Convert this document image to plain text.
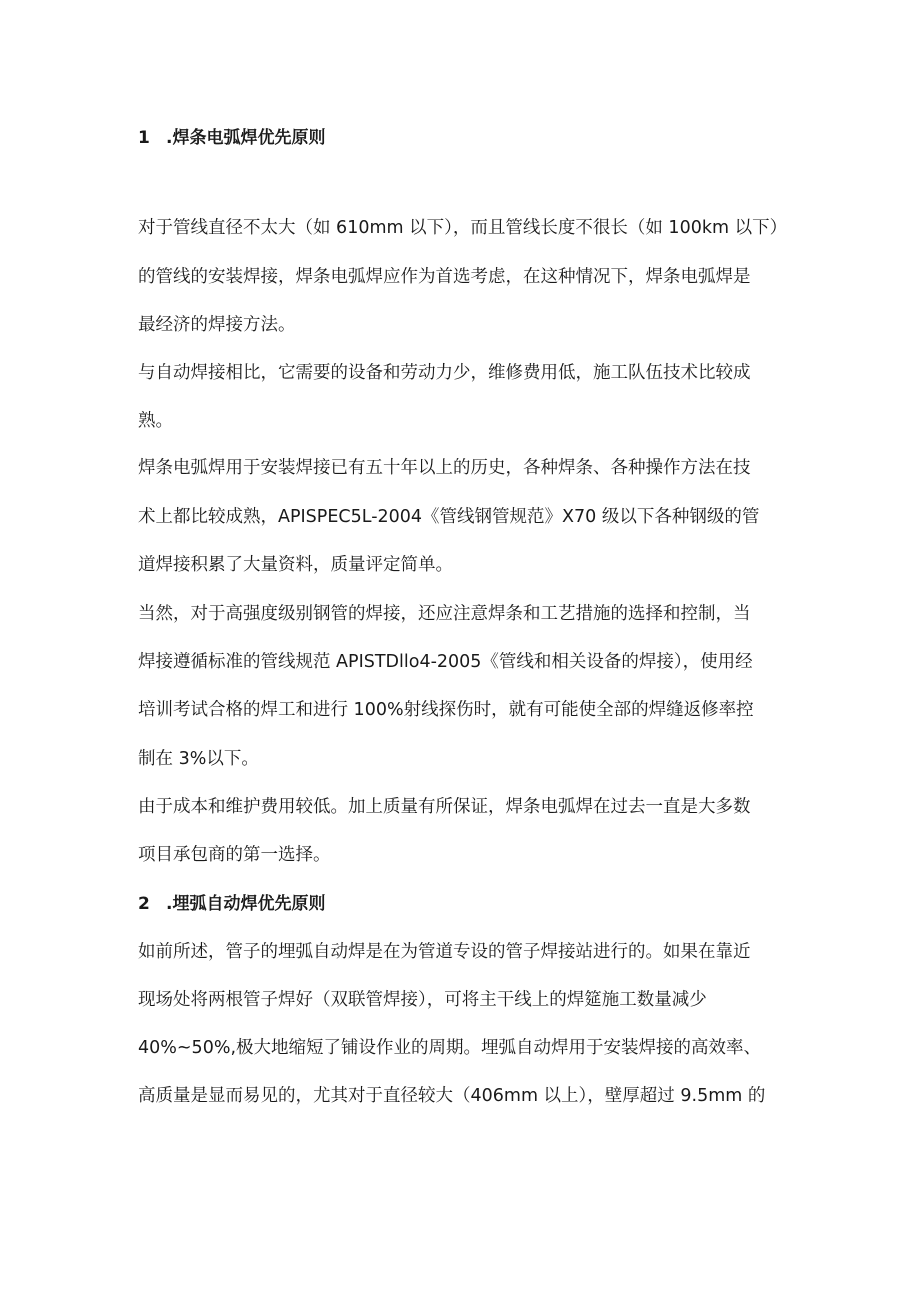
1 .焊条电弧焊优先原则
对于管线直径不太大（如 610mm 以下），而且管线长度不很长（如 100km 以下）
的管线的安装焊接，焊条电弧焊应作为首选考虑，在这种情况下，焊条电弧焊是
最经济的焊接方法。
与自动焊接相比，它需要的设备和劳动力少，维修费用低，施工队伍技术比较成
熟。
焊条电弧焊用于安装焊接已有五十年以上的历史，各种焊条、各种操作方法在技
术上都比较成熟，APISPEC5L-2004《管线钢管规范》X70 级以下各种钢级的管
道焊接积累了大量资料，质量评定简单。
当然，对于高强度级别钢管的焊接，还应注意焊条和工艺措施的选择和控制，当
焊接遵循标准的管线规范 APISTDllo4-2005《管线和相关设备的焊接），使用经
培训考试合格的焊工和进行 100%射线探伤时，就有可能使全部的焊缝返修率控
制在 3%以下。
由于成本和维护费用较低。加上质量有所保证，焊条电弧焊在过去一直是大多数
项目承包商的第一选择。
2 .埋弧自动焊优先原则
如前所述，管子的埋弧自动焊是在为管道专设的管子焊接站进行的。如果在靠近
现场处将两根管子焊好（双联管焊接），可将主干线上的焊筵施工数量减少
40%~50%,极大地缩短了铺设作业的周期。埋弧自动焊用于安装焊接的高效率、
高质量是显而易见的，尤其对于直径较大（406mm 以上），壁厚超过 9.5mm 的
